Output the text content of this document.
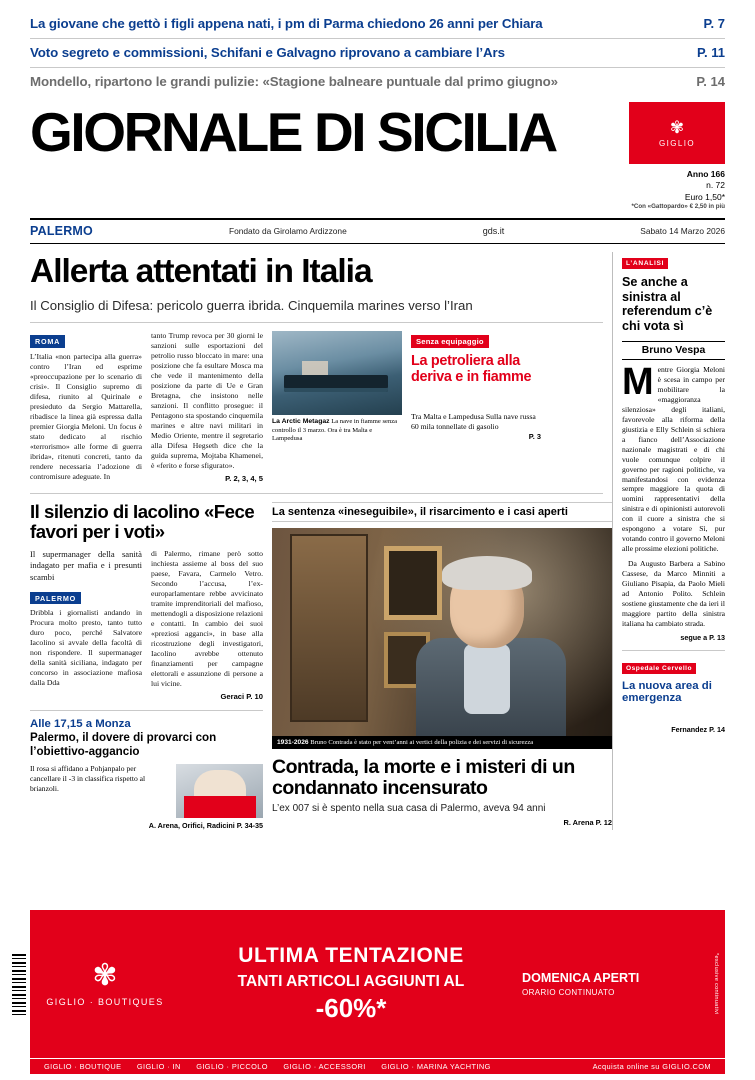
La giovane che gettò i figli appena nati, i pm di Parma chiedono 26 anni per Chiara	P. 7
Voto segreto e commissioni, Schifani e Galvagno riprovano a cambiare l’Ars	P. 11
Mondello, ripartono le grandi pulizie: «Stagione balneare puntuale dal primo giugno»	P. 14
GIORNALE DI SICILIA	✾
GIGLIO
Anno 166
n. 72
Euro 1,50*
*Con «Gattopardo» € 2,50 in più
PALERMO	Fondato da Girolamo Ardizzone	gds.it	Sabato 14 Marzo 2026
Allerta attentati in Italia
Il Consiglio di Difesa: pericolo guerra ibrida. Cinquemila marines verso l’Iran
ROMA
L’Italia «non partecipa alla guerra» contro l’Iran ed esprime «preoccupazione per lo scenario di crisi». Il Consiglio supremo di difesa, riunito al Quirinale e presieduto da Sergio Mattarella, ribadisce la linea già espressa dalla premier Giorgia Meloni. Un focus è stato dedicato al rischio «terrorismo» alle forme di guerra ibrida», ritenuti concreti, tanto da rendere necessaria l’adozione di contromisure adeguate. In
tanto Trump revoca per 30 giorni le sanzioni sulle esportazioni del petrolio russo bloccato in mare: una posizione che fa esultare Mosca ma che vede il mantenimento della posizione da parte di Ue e Gran Bretagna, che insistono nelle sanzioni. Il conflitto prosegue: il Pentagono sta spostando cinquemila marines e altre navi militari in Medio Oriente, mentre il segretario alla Difesa Hegseth dice che la guida suprema, Mojtaba Khamenei, è «ferito e forse sfigurato».
P. 2, 3, 4, 5
La Arctic Metagaz La nave in fiamme senza controllo il 3 marzo. Ora è tra Malta e Lampedusa
Senza equipaggio
La petroliera alla deriva e in fiamme
Tra Malta e Lampedusa Sulla nave russa 60 mila tonnellate di gasolio
P. 3
Il silenzio di Iacolino «Fece favori per i voti»
Il supermanager della sanità indagato per mafia e i presunti scambi
PALERMO
Dribbla i giornalisti andando in Procura molto presto, tanto tutto duro poco, perché Salvatore Iacolino si avvale della facoltà di non rispondere. Il supermanager della sanità siciliana, indagato per concorso in associazione mafiosa dalla Dda
di Palermo, rimane però sotto inchiesta assieme al boss del suo paese, Favara, Carmelo Vetro. Secondo l’accusa, l’ex-europarlamentare rebbe avvicinato tramite imprenditoriali del mafioso, mettendogli a disposizione relazioni e contatti. In cambio dei suoi «preziosi agganci», in base alla ricostruzione degli investigatori, Iacolino avrebbe ottenuto finanziamenti per campagne elettorali e assunzione di persone a lui vicine.
Geraci P. 10
Alle 17,15 a Monza
Palermo, il dovere di provarci con l’obiettivo-aggancio
Il rosa si affidano a Pohjanpalo per cancellare il -3 in classifica rispetto al brianzoli.
A. Arena, Orifici, Radicini P. 34-35
La sentenza «ineseguibile», il risarcimento e i casi aperti
1931-2026 Bruno Contrada è stato per vent’anni ai vertici della polizia e dei servizi di sicurezza
Contrada, la morte e i misteri di un condannato incensurato
L’ex 007 si è spento nella sua casa di Palermo, aveva 94 anni
R. Arena P. 12
L’ANALISI
Se anche a sinistra al referendum c’è chi vota sì
Bruno Vespa
Mentre Giorgia Meloni è scesa in campo per mobilitare la «maggioranza silenziosa» degli italiani, favorevole alla riforma della giustizia e Elly Schlein si schiera a fianco dell’Associazione nazionale magistrati e di chi vuole comunque colpire il governo per ragioni politiche, va manifestandosi con evidenza sempre maggiore la quota di uomini rappresentativi della sinistra e di opinionisti autorevoli con il cuore a sinistra che si espongono a votare Sì, pur votando contro il governo Meloni alle prossime elezioni politiche.
Da Augusto Barbera a Sabino Cassese, da Marco Minniti a Giuliano Pisapia, da Paolo Mieli ad Antonio Polito. Schlein sostiene giustamente che da ieri il maggiore partito della sinistra italiana ha cambiato strada.
segue a P. 13
Ospedale Cervello
La nuova area di emergenza
Fernandez P. 14
✾
GIGLIO · BOUTIQUES
ULTIMA TENTAZIONE
TANTI ARTICOLI AGGIUNTI AL
-60%*
DOMENICA APERTI
ORARIO CONTINUATO	*esclusive continuativi
GIGLIO · BOUTIQUE GIGLIO · IN GIGLIO · PICCOLO GIGLIO · ACCESSORI GIGLIO · MARINA YACHTING	Acquista online su GIGLIO.COM
